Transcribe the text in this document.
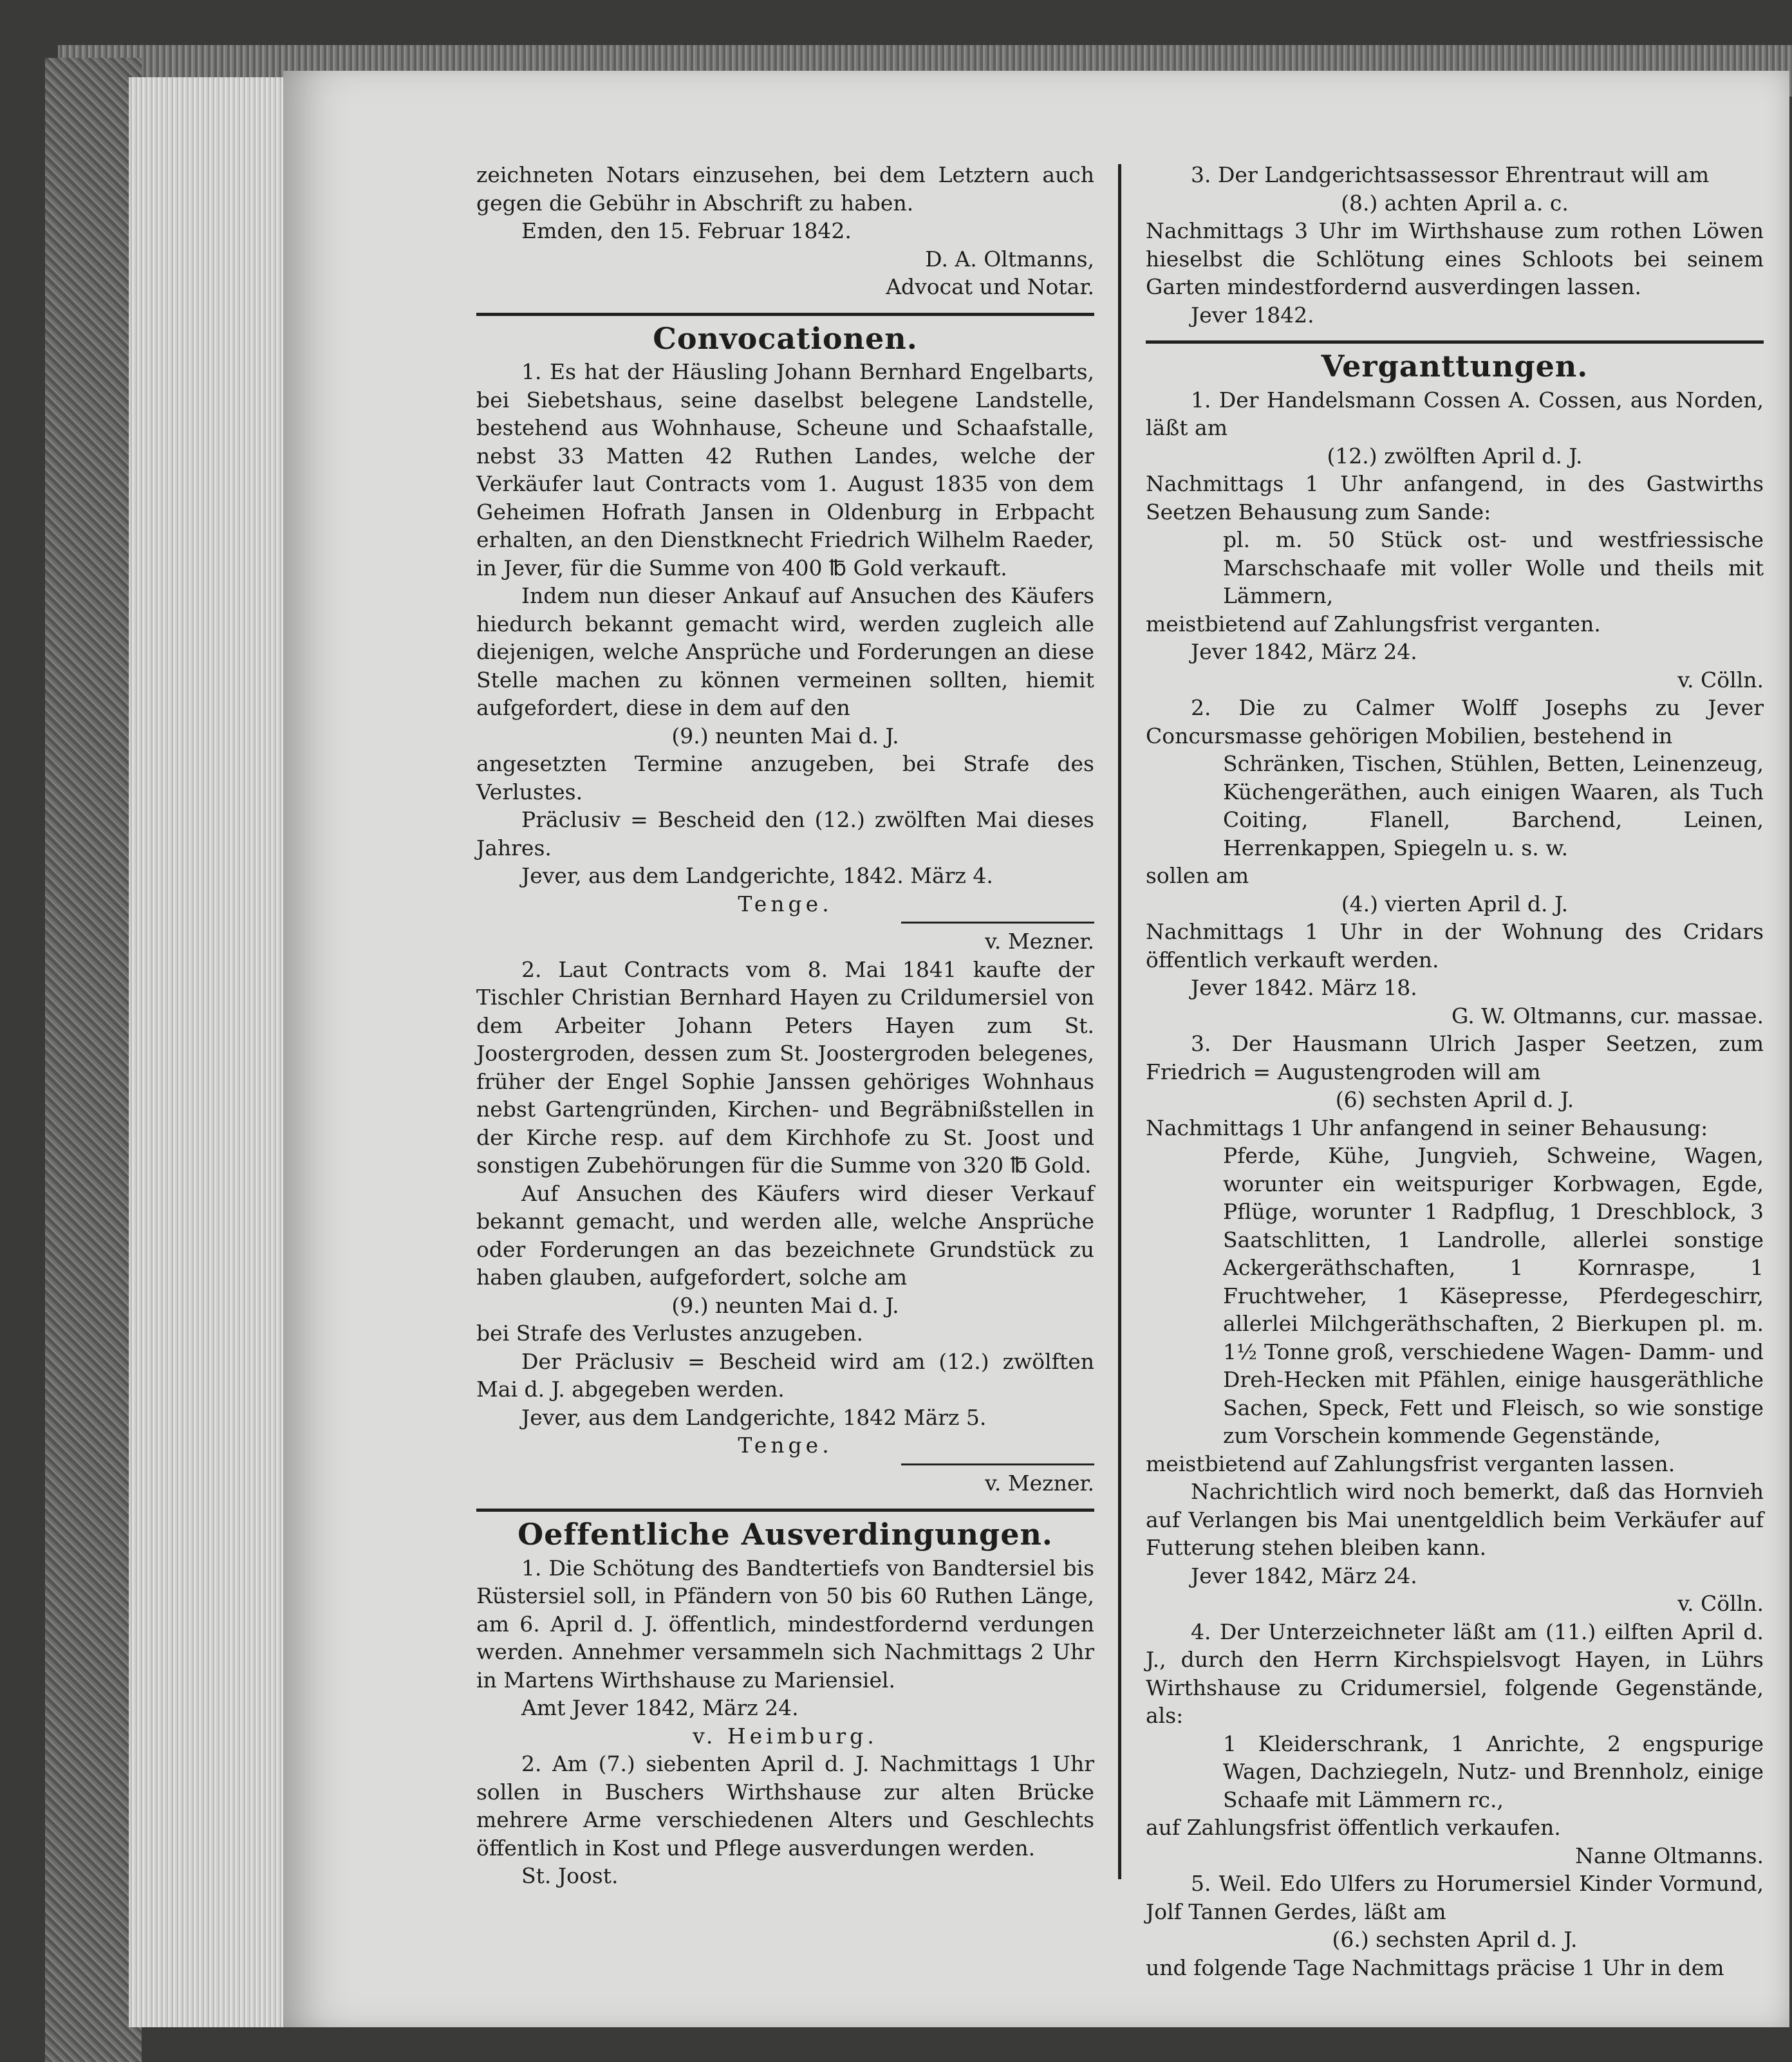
zeichneten Notars einzusehen, bei dem Letztern auch gegen die Gebühr in Abschrift zu haben.

Emden, den 15. Februar 1842.

D. A. Oltmanns,

Advocat und Notar.

Convocationen.

1. Es hat der Häusling Johann Bernhard Engelbarts, bei Siebetshaus, seine daselbst belegene Landstelle, bestehend aus Wohnhause, Scheune und Schaafstalle, nebst 33 Matten 42 Ruthen Landes, welche der Verkäufer laut Contracts vom 1. August 1835 von dem Geheimen Hofrath Jansen in Oldenburg in Erbpacht erhalten, an den Dienstknecht Friedrich Wilhelm Raeder, in Jever, für die Summe von 400 ℔ Gold verkauft.

Indem nun dieser Ankauf auf Ansuchen des Käufers hiedurch bekannt gemacht wird, werden zugleich alle diejenigen, welche Ansprüche und Forderungen an diese Stelle machen zu können vermeinen sollten, hiemit aufgefordert, diese in dem auf den

(9.) neunten Mai d. J.

angesetzten Termine anzugeben, bei Strafe des Verlustes.

Präclusiv = Bescheid den (12.) zwölften Mai dieses Jahres.

Jever, aus dem Landgerichte, 1842. März 4.

Tenge.

v. Mezner.

2. Laut Contracts vom 8. Mai 1841 kaufte der Tischler Christian Bernhard Hayen zu Crildumersiel von dem Arbeiter Johann Peters Hayen zum St. Joostergroden, dessen zum St. Joostergroden belegenes, früher der Engel Sophie Janssen gehöriges Wohnhaus nebst Gartengründen, Kirchen- und Begräbnißstellen in der Kirche resp. auf dem Kirchhofe zu St. Joost und sonstigen Zubehörungen für die Summe von 320 ℔ Gold.

Auf Ansuchen des Käufers wird dieser Verkauf bekannt gemacht, und werden alle, welche Ansprüche oder Forderungen an das bezeichnete Grundstück zu haben glauben, aufgefordert, solche am

(9.) neunten Mai d. J.

bei Strafe des Verlustes anzugeben.

Der Präclusiv = Bescheid wird am (12.) zwölften Mai d. J. abgegeben werden.

Jever, aus dem Landgerichte, 1842 März 5.

Tenge.

v. Mezner.

Oeffentliche Ausverdingungen.

1. Die Schötung des Bandtertiefs von Bandtersiel bis Rüstersiel soll, in Pfändern von 50 bis 60 Ruthen Länge, am 6. April d. J. öffentlich, mindestfordernd verdungen werden. Annehmer versammeln sich Nachmittags 2 Uhr in Martens Wirthshause zu Mariensiel.

Amt Jever 1842, März 24.

v. Heimburg.

2. Am (7.) siebenten April d. J. Nachmittags 1 Uhr sollen in Buschers Wirthshause zur alten Brücke mehrere Arme verschiedenen Alters und Geschlechts öffentlich in Kost und Pflege ausverdungen werden.

St. Joost.

3. Der Landgerichtsassessor Ehrentraut will am

(8.) achten April a. c.

Nachmittags 3 Uhr im Wirthshause zum rothen Löwen hieselbst die Schlötung eines Schloots bei seinem Garten mindestfordernd ausverdingen lassen.

Jever 1842.

Verganttungen.

1. Der Handelsmann Cossen A. Cossen, aus Norden, läßt am

(12.) zwölften April d. J.

Nachmittags 1 Uhr anfangend, in des Gastwirths Seetzen Behausung zum Sande:

pl. m. 50 Stück ost- und westfriessische Marschschaafe mit voller Wolle und theils mit Lämmern,

meistbietend auf Zahlungsfrist verganten.

Jever 1842, März 24.

v. Cölln.

2. Die zu Calmer Wolff Josephs zu Jever Concursmasse gehörigen Mobilien, bestehend in

Schränken, Tischen, Stühlen, Betten, Leinenzeug, Küchengeräthen, auch einigen Waaren, als Tuch Coiting, Flanell, Barchend, Leinen, Herrenkappen, Spiegeln u. s. w.

sollen am

(4.) vierten April d. J.

Nachmittags 1 Uhr in der Wohnung des Cridars öffentlich verkauft werden.

Jever 1842. März 18.

G. W. Oltmanns, cur. massae.

3. Der Hausmann Ulrich Jasper Seetzen, zum Friedrich = Augustengroden will am

(6) sechsten April d. J.

Nachmittags 1 Uhr anfangend in seiner Behausung:

Pferde, Kühe, Jungvieh, Schweine, Wagen, worunter ein weitspuriger Korbwagen, Egde, Pflüge, worunter 1 Radpflug, 1 Dreschblock, 3 Saatschlitten, 1 Landrolle, allerlei sonstige Ackergeräthschaften, 1 Kornraspe, 1 Fruchtweher, 1 Käsepresse, Pferdegeschirr, allerlei Milchgeräthschaften, 2 Bierkupen pl. m. 1½ Tonne groß, verschiedene Wagen- Damm- und Dreh-Hecken mit Pfählen, einige hausgeräthliche Sachen, Speck, Fett und Fleisch, so wie sonstige zum Vorschein kommende Gegenstände,

meistbietend auf Zahlungsfrist verganten lassen.

Nachrichtlich wird noch bemerkt, daß das Hornvieh auf Verlangen bis Mai unentgeldlich beim Verkäufer auf Futterung stehen bleiben kann.

Jever 1842, März 24.

v. Cölln.

4. Der Unterzeichneter läßt am (11.) eilften April d. J., durch den Herrn Kirchspielsvogt Hayen, in Lührs Wirthshause zu Cridumersiel, folgende Gegenstände, als:

1 Kleiderschrank, 1 Anrichte, 2 engspurige Wagen, Dachziegeln, Nutz- und Brennholz, einige Schaafe mit Lämmern rc.,

auf Zahlungsfrist öffentlich verkaufen.

Nanne Oltmanns.

5. Weil. Edo Ulfers zu Horumersiel Kinder Vormund, Jolf Tannen Gerdes, läßt am

(6.) sechsten April d. J.

und folgende Tage Nachmittags präcise 1 Uhr in dem
